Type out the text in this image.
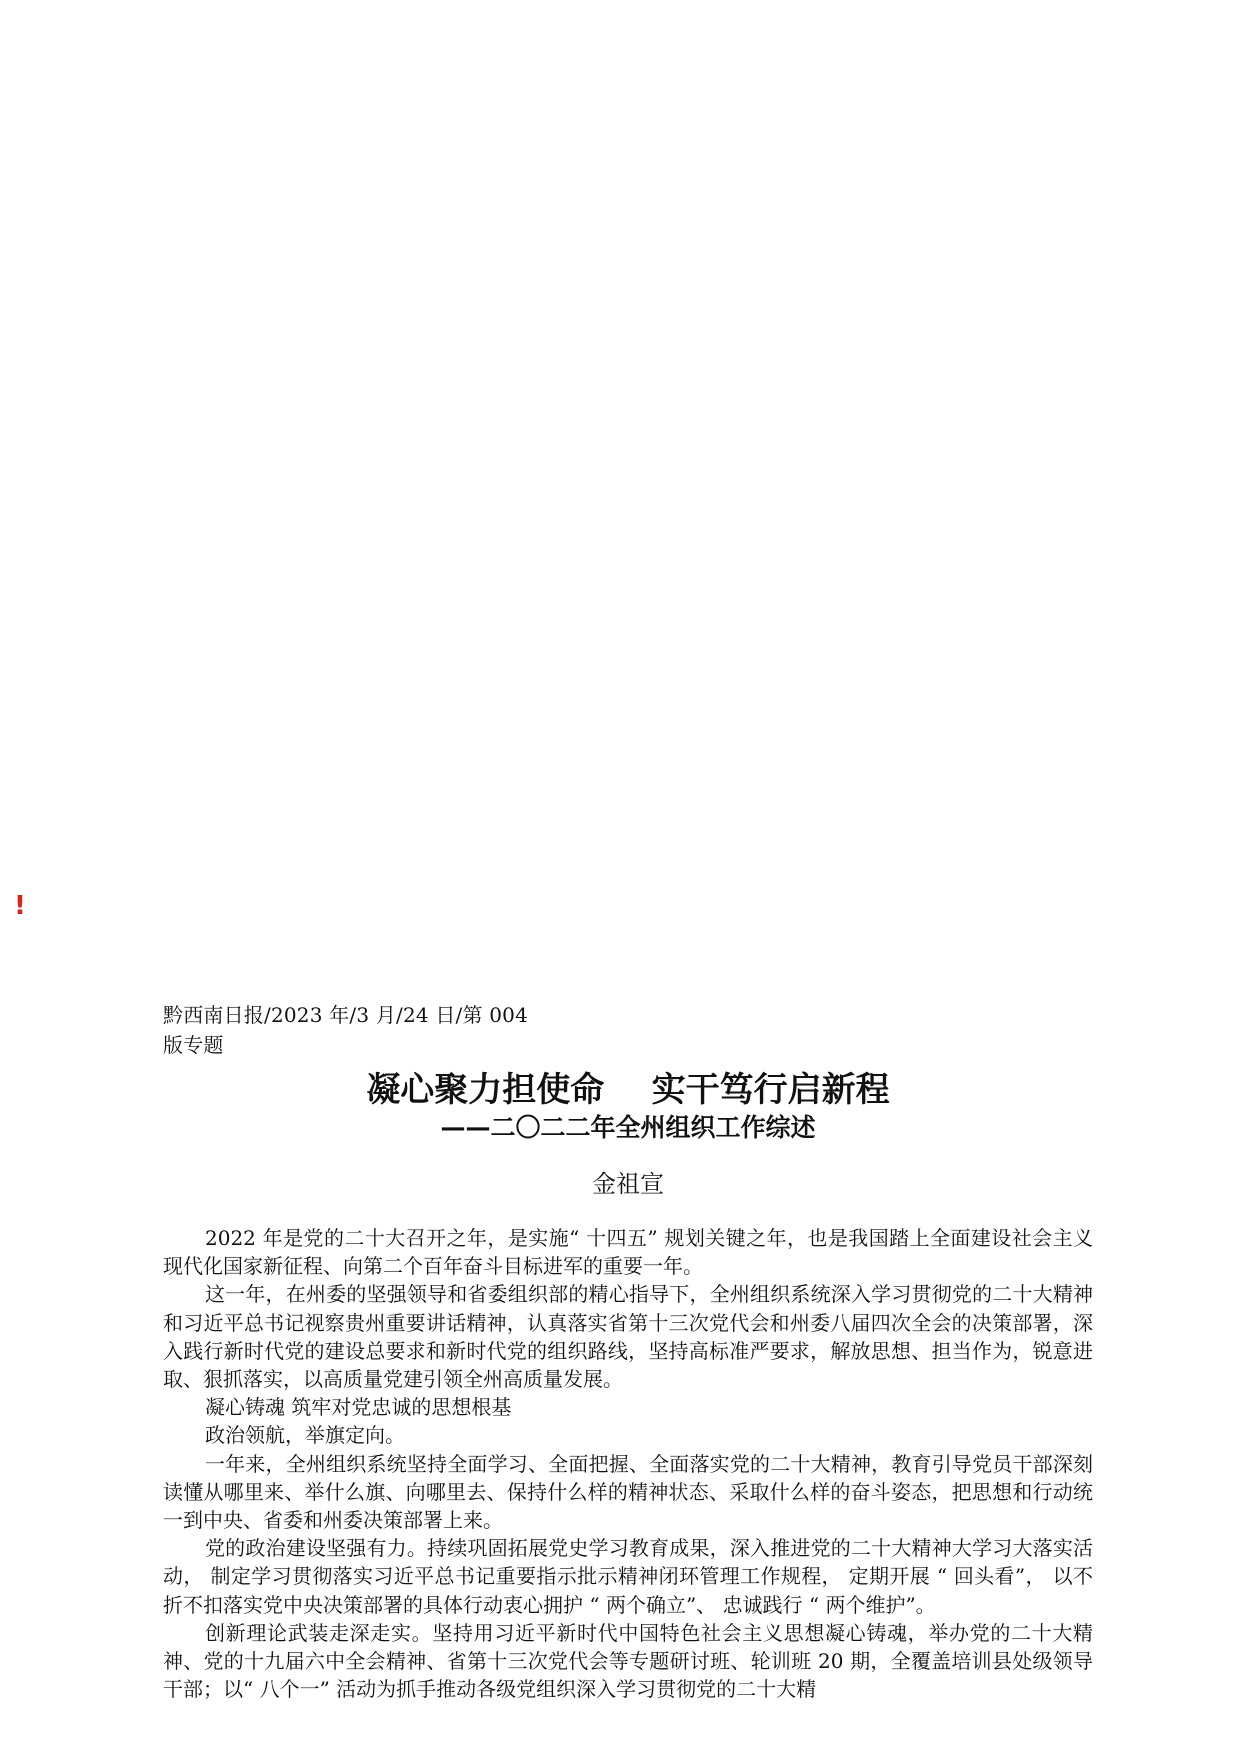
!
黔西南日报/2023 年/3 月/24 日/第 004 版专题
凝心聚力担使命    实干笃行启新程
——二〇二二年全州组织工作综述
金祖宣

2022 年是党的二十大召开之年，是实施“ 十四五” 规划关键之年，也是我国踏上全面建设社会主义现代化国家新征程、向第二个百年奋斗目标进军的重要一年。

这一年，在州委的坚强领导和省委组织部的精心指导下，全州组织系统深入学习贯彻党的二十大精神和习近平总书记视察贵州重要讲话精神，认真落实省第十三次党代会和州委八届四次全会的决策部署，深入践行新时代党的建设总要求和新时代党的组织路线，坚持高标准严要求，解放思想、担当作为，锐意进取、狠抓落实，以高质量党建引领全州高质量发展。

凝心铸魂 筑牢对党忠诚的思想根基

政治领航，举旗定向。

一年来，全州组织系统坚持全面学习、全面把握、全面落实党的二十大精神，教育引导党员干部深刻读懂从哪里来、举什么旗、向哪里去、保持什么样的精神状态、采取什么样的奋斗姿态，把思想和行动统一到中央、省委和州委决策部署上来。

党的政治建设坚强有力。持续巩固拓展党史学习教育成果，深入推进党的二十大精神大学习大落实活动， 制定学习贯彻落实习近平总书记重要指示批示精神闭环管理工作规程， 定期开展 “ 回头看”， 以不折不扣落实党中央决策部署的具体行动衷心拥护 “ 两个确立”、 忠诚践行 “ 两个维护”。

创新理论武装走深走实。坚持用习近平新时代中国特色社会主义思想凝心铸魂，举办党的二十大精神、党的十九届六中全会精神、省第十三次党代会等专题研讨班、轮训班 20 期，全覆盖培训县处级领导干部；以“ 八个一” 活动为抓手推动各级党组织深入学习贯彻党的二十大精
